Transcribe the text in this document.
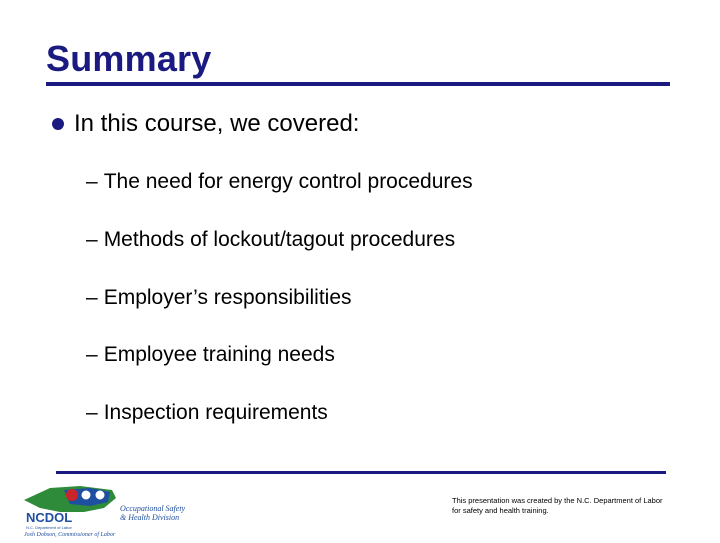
Summary
In this course, we covered:
– The need for energy control procedures
– Methods of lockout/tagout procedures
– Employer’s responsibilities
– Employee training needs
– Inspection requirements
NCDOL
N.C. Department of Labor
Occupational Safety
& Health Division
Josh Dobson, Commissioner of Labor
This presentation was created by the N.C. Department of Labor for safety and health training.
